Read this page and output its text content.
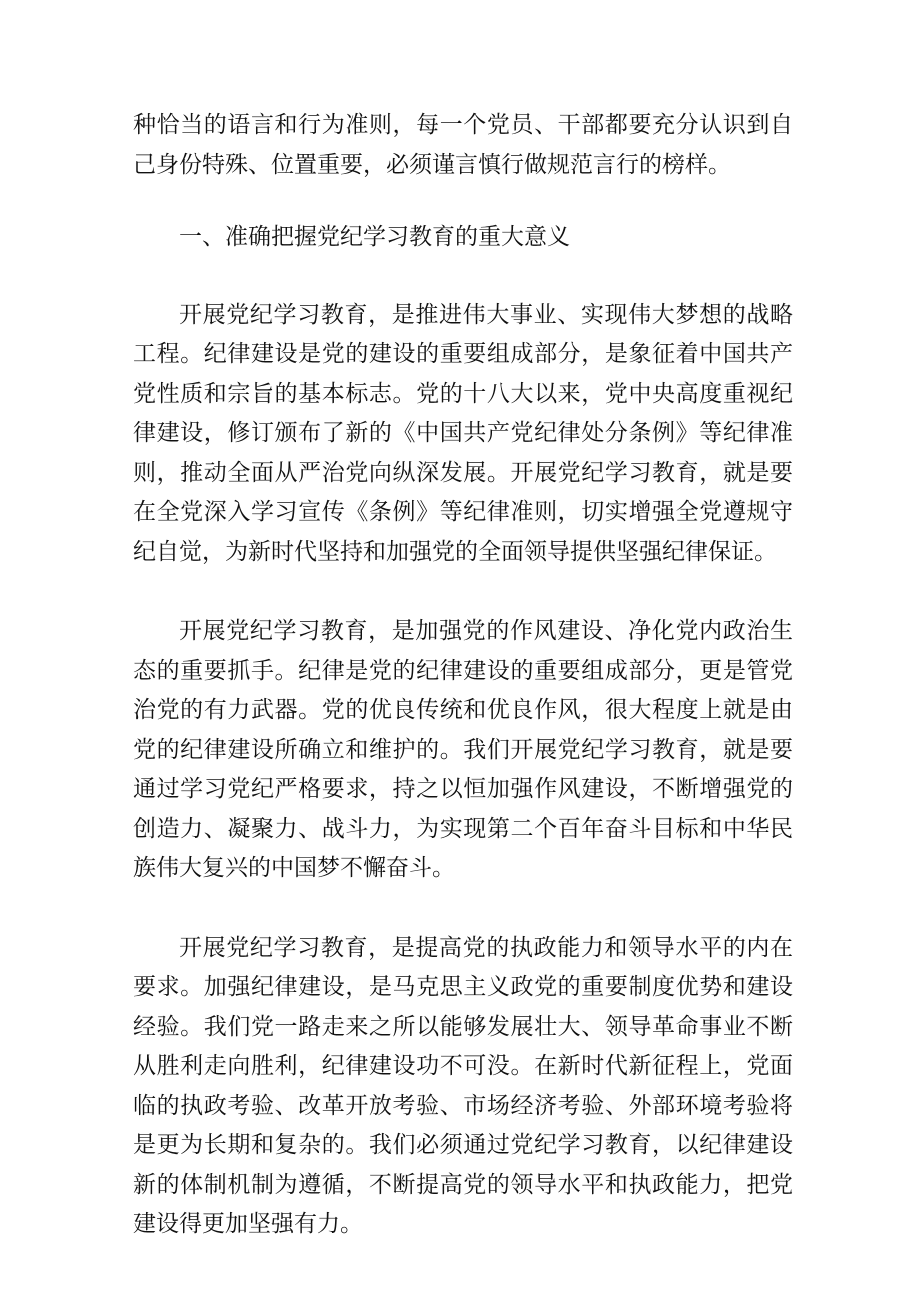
种恰当的语言和行为准则，每一个党员、干部都要充分认识到自己身份特殊、位置重要，必须谨言慎行做规范言行的榜样。

一、准确把握党纪学习教育的重大意义

开展党纪学习教育，是推进伟大事业、实现伟大梦想的战略工程。纪律建设是党的建设的重要组成部分，是象征着中国共产党性质和宗旨的基本标志。党的十八大以来，党中央高度重视纪律建设，修订颁布了新的《中国共产党纪律处分条例》等纪律准则，推动全面从严治党向纵深发展。开展党纪学习教育，就是要在全党深入学习宣传《条例》等纪律准则，切实增强全党遵规守纪自觉，为新时代坚持和加强党的全面领导提供坚强纪律保证。

开展党纪学习教育，是加强党的作风建设、净化党内政治生态的重要抓手。纪律是党的纪律建设的重要组成部分，更是管党治党的有力武器。党的优良传统和优良作风，很大程度上就是由党的纪律建设所确立和维护的。我们开展党纪学习教育，就是要通过学习党纪严格要求，持之以恒加强作风建设，不断增强党的创造力、凝聚力、战斗力，为实现第二个百年奋斗目标和中华民族伟大复兴的中国梦不懈奋斗。

开展党纪学习教育，是提高党的执政能力和领导水平的内在要求。加强纪律建设，是马克思主义政党的重要制度优势和建设经验。我们党一路走来之所以能够发展壮大、领导革命事业不断从胜利走向胜利，纪律建设功不可没。在新时代新征程上，党面临的执政考验、改革开放考验、市场经济考验、外部环境考验将是更为长期和复杂的。我们必须通过党纪学习教育，以纪律建设新的体制机制为遵循，不断提高党的领导水平和执政能力，把党建设得更加坚强有力。
